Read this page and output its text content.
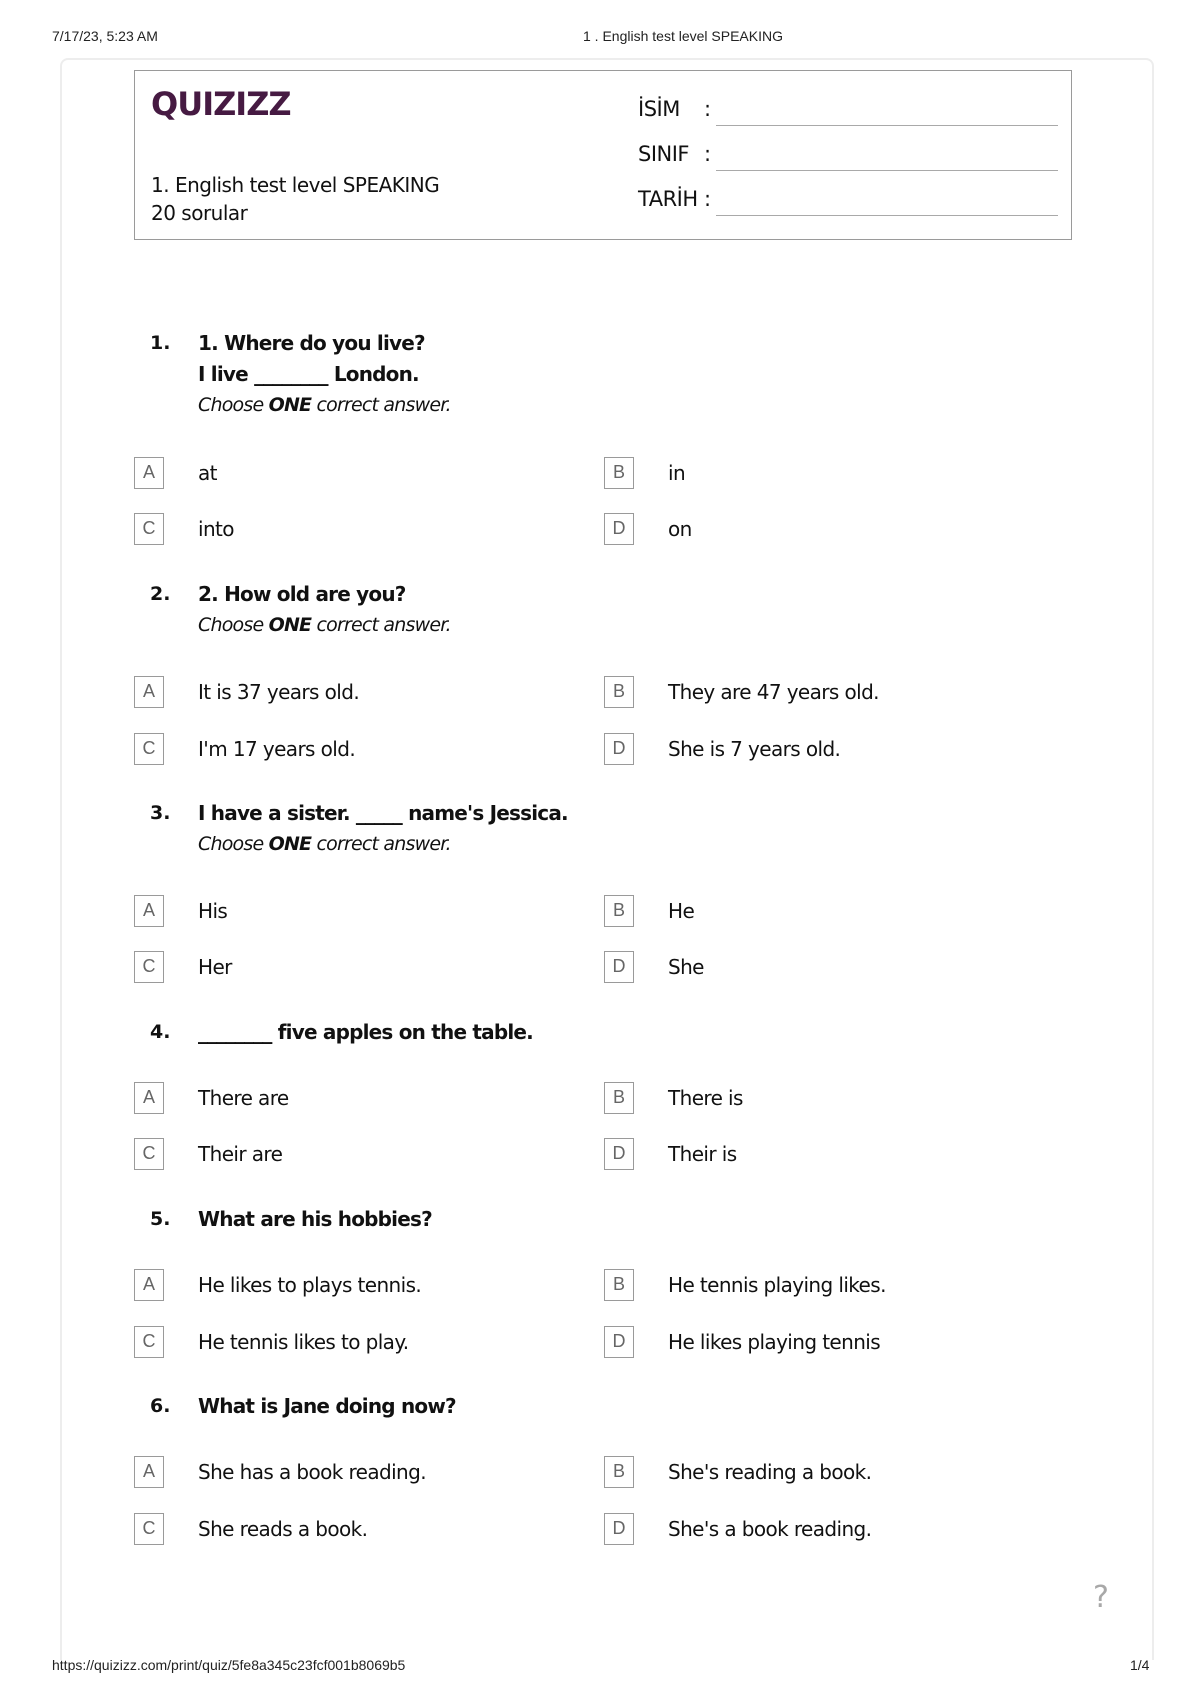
7/17/23, 5:23 AM	1 . English test level SPEAKING
QUIZIZZ
1. English test level SPEAKING
20 sorular
İSİM :
SINIF :
TARİH :
1. 1. Where do you live?
I live ________ London.
Choose ONE correct answer.
A	at	B	in
C	into	D	on
2. 2. How old are you?
Choose ONE correct answer.
A	It is 37 years old.	B	They are 47 years old.
C	I'm 17 years old.	D	She is 7 years old.
3. I have a sister. _____ name's Jessica.
Choose ONE correct answer.
A	His	B	He
C	Her	D	She
4. ________ five apples on the table.
A	There are	B	There is
C	Their are	D	Their is
5. What are his hobbies?
A	He likes to plays tennis.	B	He tennis playing likes.
C	He tennis likes to play.	D	He likes playing tennis
6. What is Jane doing now?
A	She has a book reading.	B	She's reading a book.
C	She reads a book.	D	She's a book reading.
?
https://quizizz.com/print/quiz/5fe8a345c23fcf001b8069b5	1/4
